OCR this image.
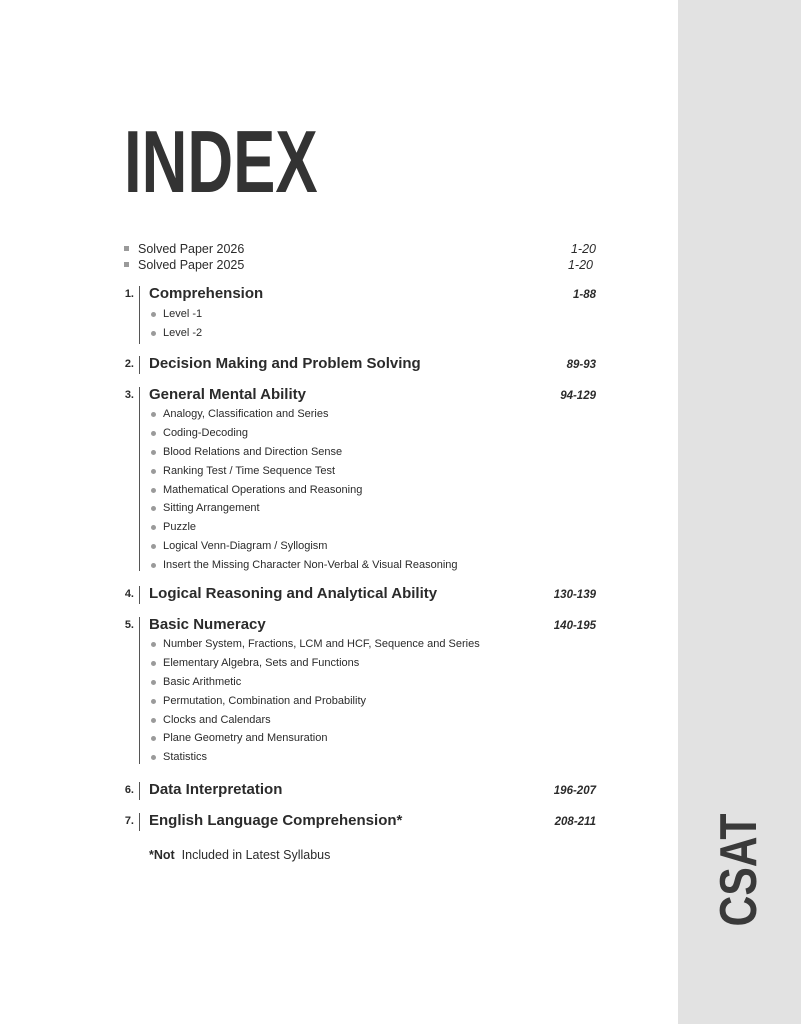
CSAT
INDEX
Solved Paper 2026	1-20
Solved Paper 2025	1-20
1. Comprehension	1-88
Level -1
Level -2
2. Decision Making and Problem Solving	89-93
3. General Mental Ability	94-129
Analogy, Classification and Series
Coding-Decoding
Blood Relations and Direction Sense
Ranking Test / Time Sequence Test
Mathematical Operations and Reasoning
Sitting Arrangement
Puzzle
Logical Venn-Diagram / Syllogism
Insert the Missing Character Non-Verbal & Visual Reasoning
4. Logical Reasoning and Analytical Ability	130-139
5. Basic Numeracy	140-195
Number System, Fractions, LCM and HCF, Sequence and Series
Elementary Algebra, Sets and Functions
Basic Arithmetic
Permutation, Combination and Probability
Clocks and Calendars
Plane Geometry and Mensuration
Statistics
6. Data Interpretation	196-207
7. English Language Comprehension*	208-211
*Not Included in Latest Syllabus
